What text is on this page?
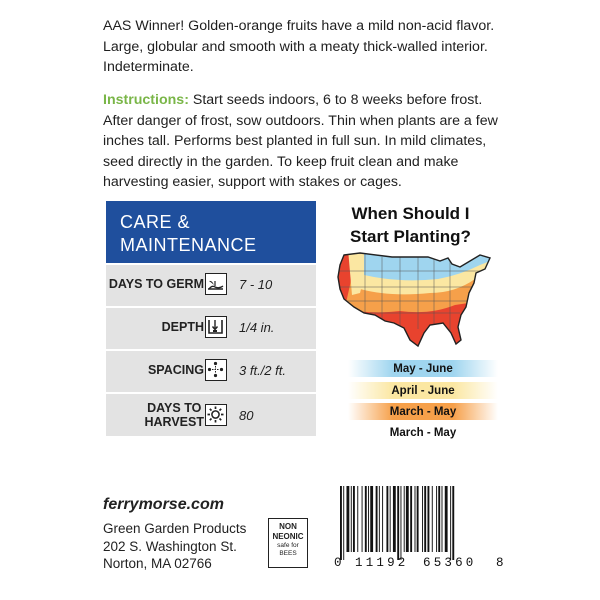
AAS Winner! Golden-orange fruits have a mild non-acid flavor. Large, globular and smooth with a meaty thick-walled interior. Indeterminate.

Instructions: Start seeds indoors, 6 to 8 weeks before frost. After danger of frost, sow outdoors. Thin when plants are a few inches tall. Performs best planted in full sun. In mild climates, seed directly in the garden. To keep fruit clean and make harvesting easier, support with stakes or cages.

CARE &
MAINTENANCE
DAYS TO GERM	7 - 10
DEPTH	1/4 in.
SPACING	3 ft./2 ft.
DAYS TO
HARVEST	80
When Should I
Start Planting?
May - June
April - June
March - May
March - May
ferrymorse.com
Green Garden Products
202 S. Washington St.
Norton, MA 02766
NON
NEONIC
safe for
BEES
0 11192 65360 8
